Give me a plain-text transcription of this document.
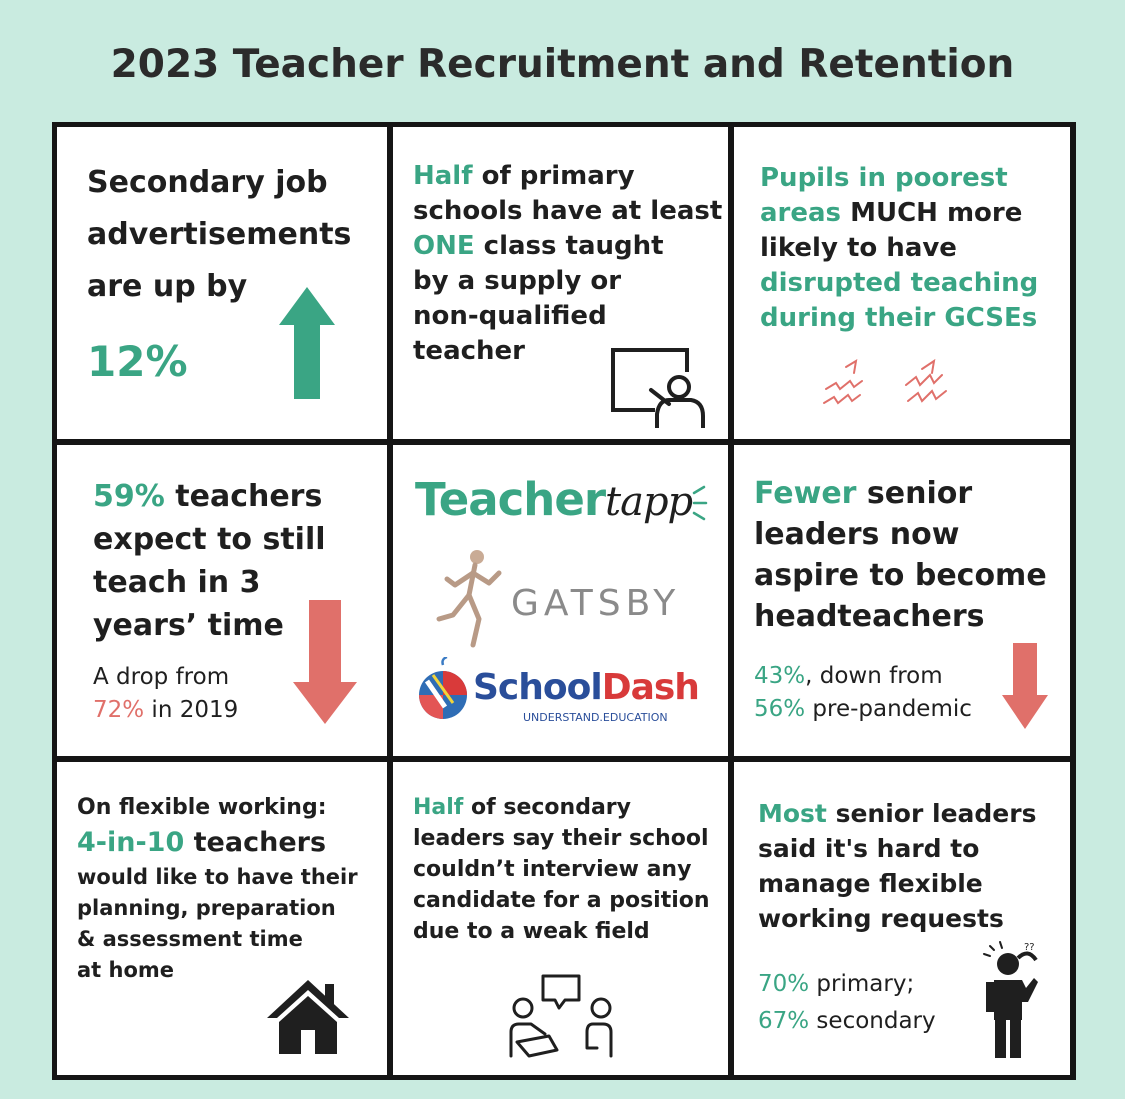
2023 Teacher Recruitment and Retention
Secondary job
advertisements
are up by
12%
Half of primary
schools have at least
ONE class taught
by a supply or
non-qualified
teacher
Pupils in poorest
areas MUCH more
likely to have
disrupted teaching
during their GCSEs
59% teachers
expect to still
teach in 3
years’ time
A drop from
72% in 2019
Teachertapp
GATSBY
SchoolDash
UNDERSTAND.EDUCATION
Fewer senior
leaders now
aspire to become
headteachers
43%, down from
56% pre-pandemic
On flexible working:
4-in-10 teachers
would like to have their
planning, preparation
& assessment time
at home
Half of secondary
leaders say their school
couldn’t interview any
candidate for a position
due to a weak field
Most senior leaders
said it's hard to
manage flexible
working requests
70% primary;
67% secondary
??
